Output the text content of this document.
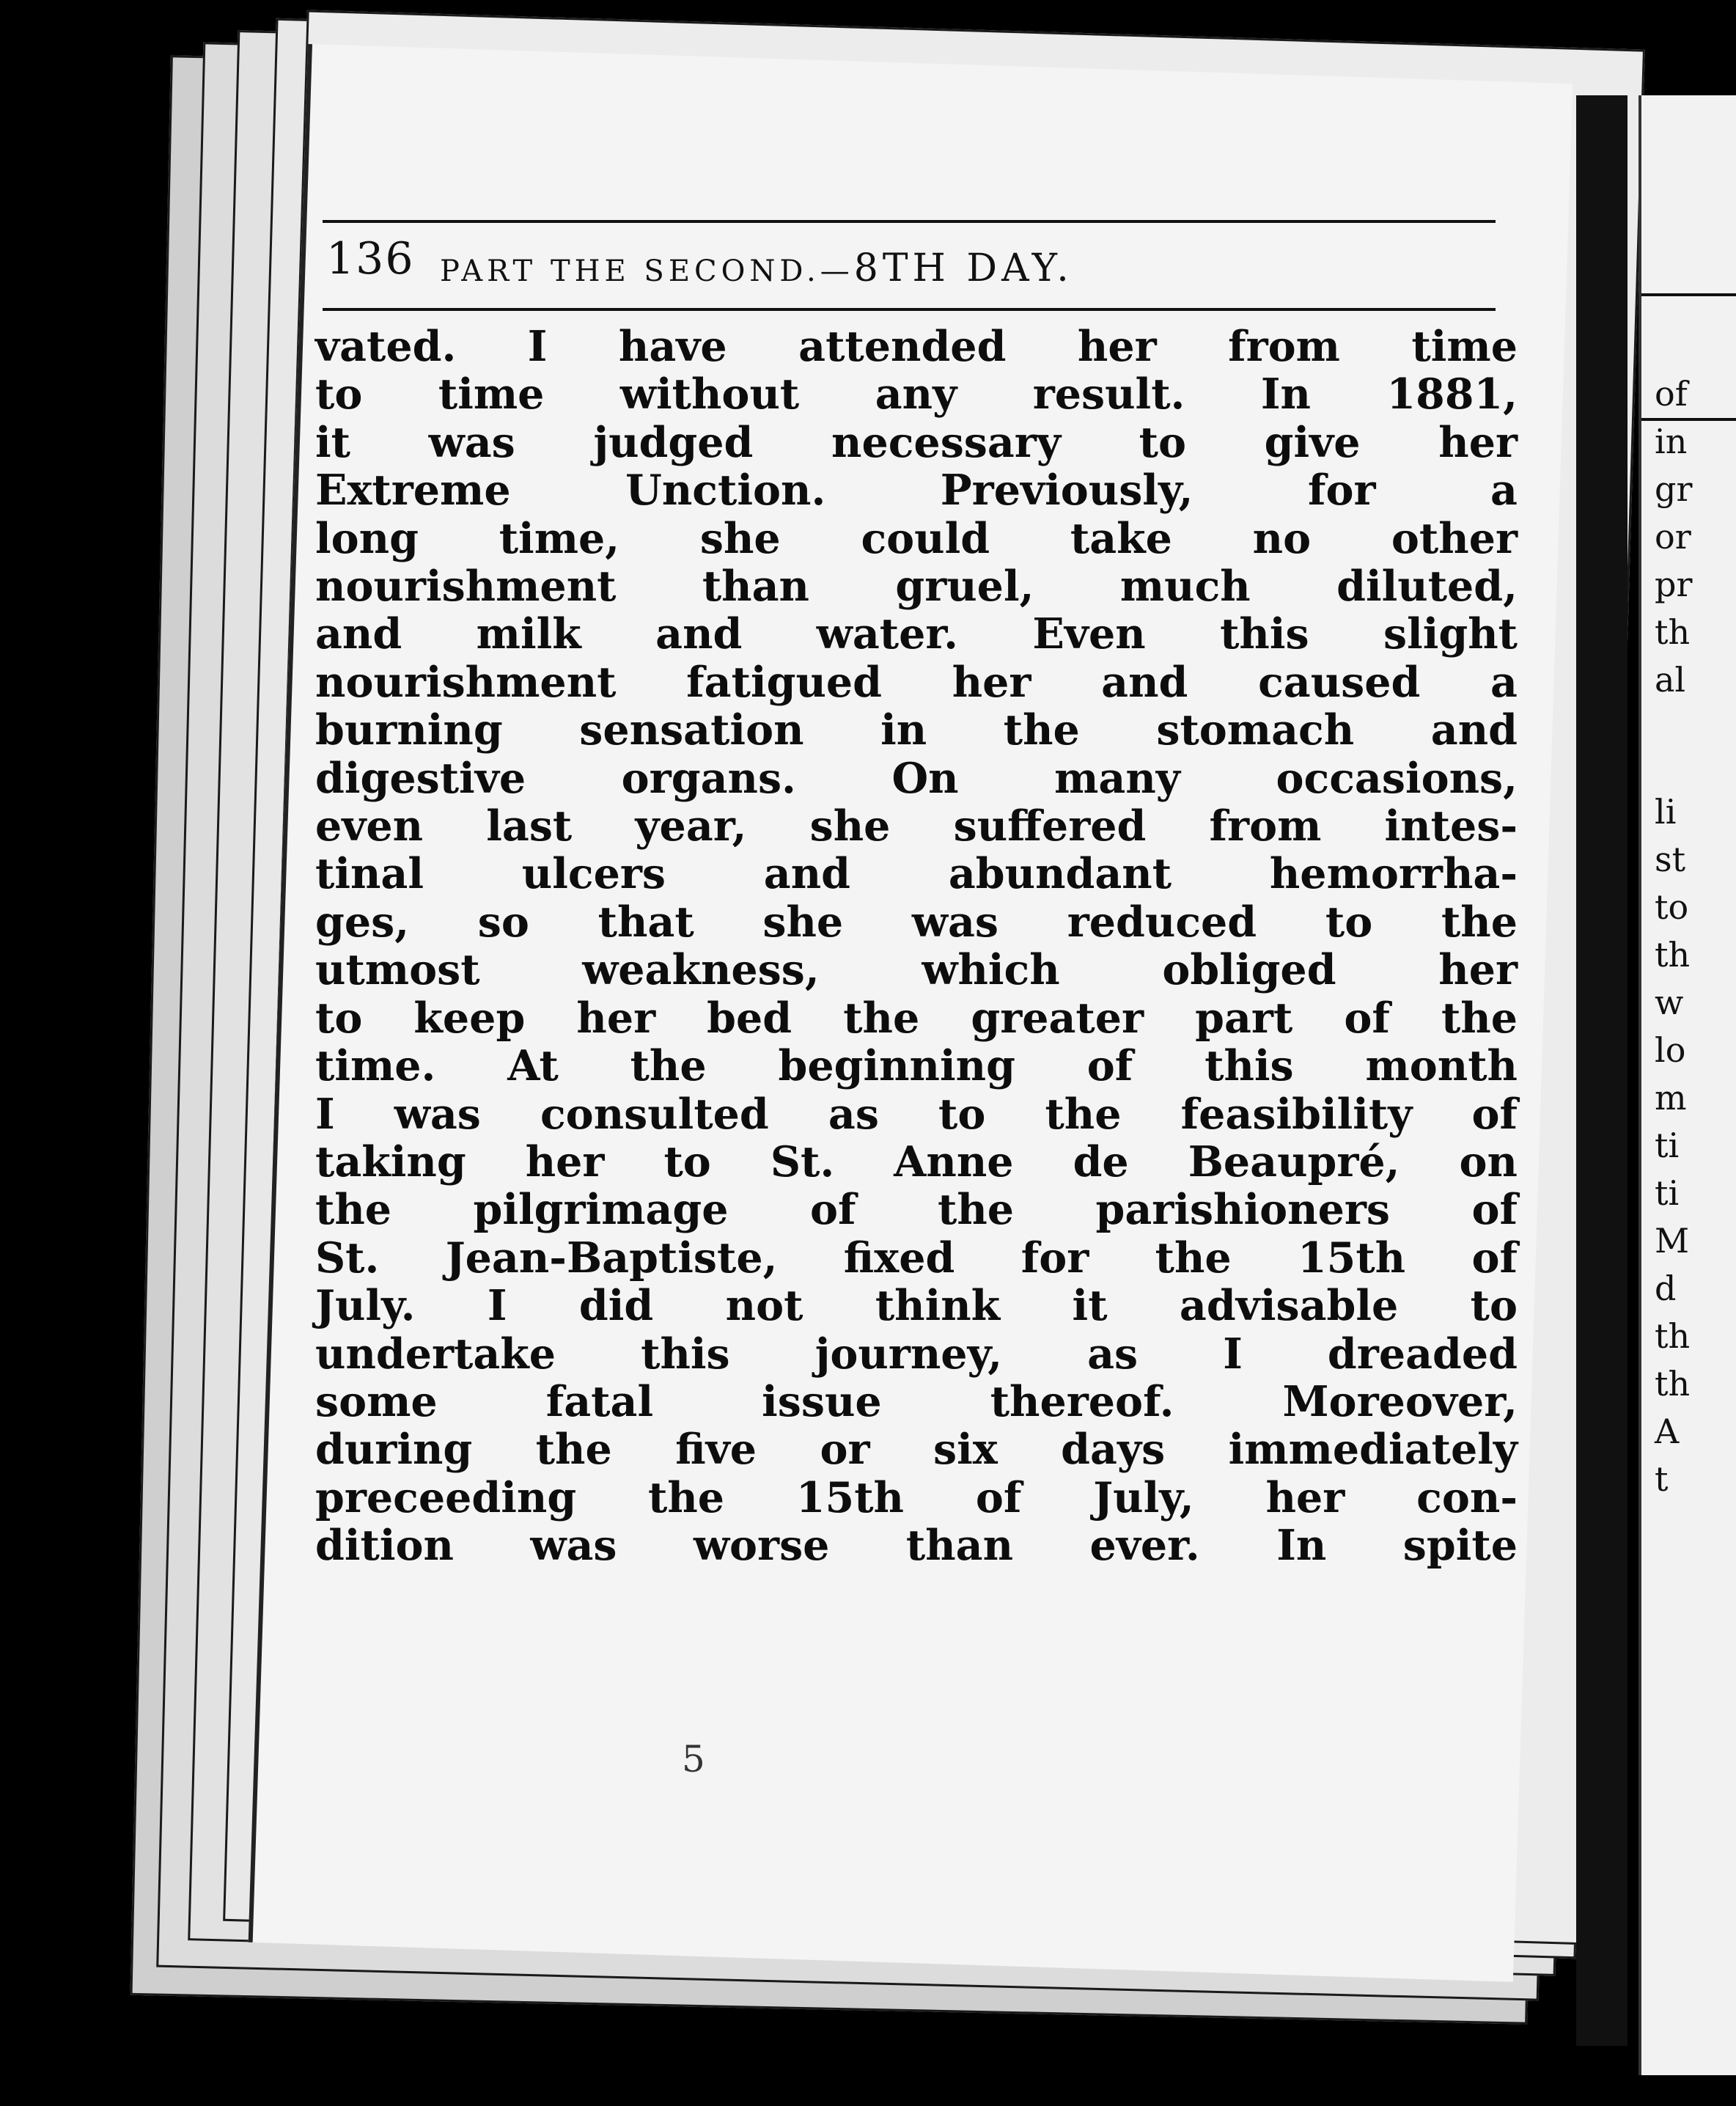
136 PART THE SECOND.—8TH DAY.
vated. I have attended her from time
to time without any result. In 1881,
it was judged necessary to give her
Extreme Unction. Previously, for a
long time, she could take no other
nourishment than gruel, much diluted,
and milk and water. Even this slight
nourishment fatigued her and caused a
burning sensation in the stomach and
digestive organs. On many occasions,
even last year, she suffered from intes-
tinal ulcers and abundant hemorrha-
ges, so that she was reduced to the
utmost weakness, which obliged her
to keep her bed the greater part of the
time. At the beginning of this month
I was consulted as to the feasibility of
taking her to St. Anne de Beaupré, on
the pilgrimage of the parishioners of
St. Jean-Baptiste, fixed for the 15th of
July. I did not think it advisable to
undertake this journey, as I dreaded
some fatal issue thereof. Moreover,
during the five or six days immediately
preceeding the 15th of July, her con-
dition was worse than ever. In spite
5
of
in
gr
or
pr
th
al
li
st
to
th
w
lo
m
ti
ti
M
d
th
th
A
t
